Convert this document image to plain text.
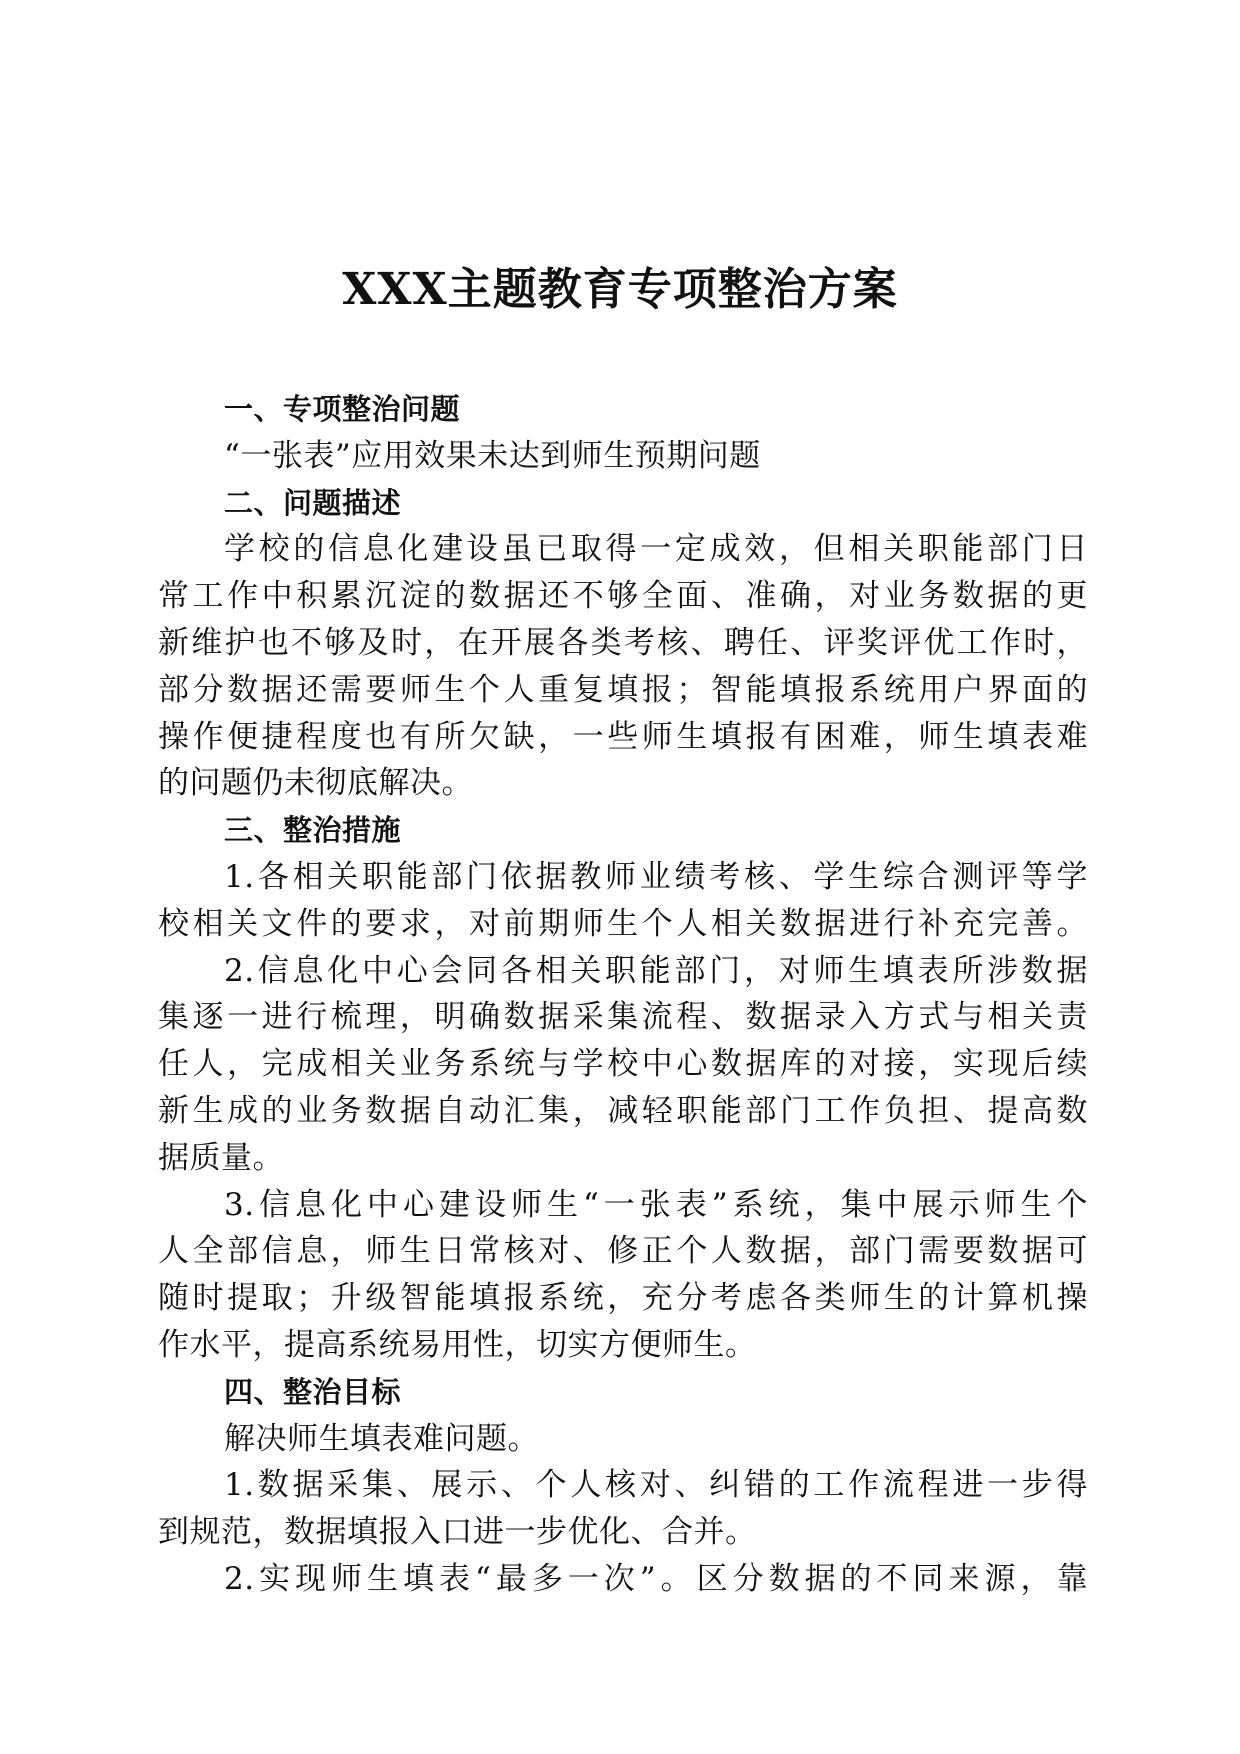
XXX主题教育专项整治方案
一、专项整治问题
“一张表”应用效果未达到师生预期问题
二、问题描述
学校的信息化建设虽已取得一定成效，但相关职能部门日
常工作中积累沉淀的数据还不够全面、准确，对业务数据的更
新维护也不够及时，在开展各类考核、聘任、评奖评优工作时，
部分数据还需要师生个人重复填报；智能填报系统用户界面的
操作便捷程度也有所欠缺，一些师生填报有困难，师生填表难
的问题仍未彻底解决。
三、整治措施
1.各相关职能部门依据教师业绩考核、学生综合测评等学
校相关文件的要求，对前期师生个人相关数据进行补充完善。
2.信息化中心会同各相关职能部门，对师生填表所涉数据
集逐一进行梳理，明确数据采集流程、数据录入方式与相关责
任人，完成相关业务系统与学校中心数据库的对接，实现后续
新生成的业务数据自动汇集，减轻职能部门工作负担、提高数
据质量。
3.信息化中心建设师生“一张表”系统，集中展示师生个
人全部信息，师生日常核对、修正个人数据，部门需要数据可
随时提取；升级智能填报系统，充分考虑各类师生的计算机操
作水平，提高系统易用性，切实方便师生。
四、整治目标
解决师生填表难问题。
1.数据采集、展示、个人核对、纠错的工作流程进一步得
到规范，数据填报入口进一步优化、合并。
2.实现师生填表“最多一次”。区分数据的不同来源，靠
